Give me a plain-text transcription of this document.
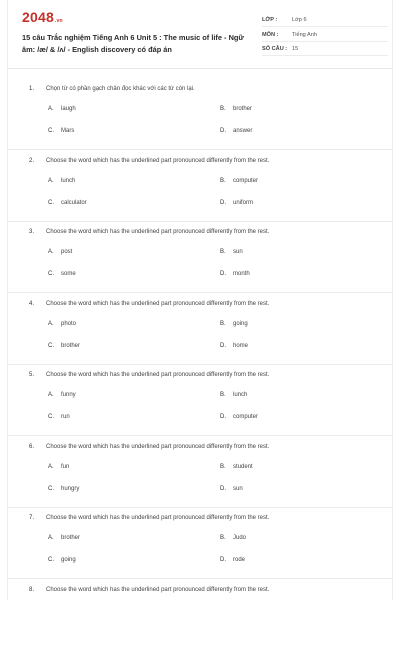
2048.vn
15 câu Trắc nghiệm Tiếng Anh 6 Unit 5 : The music of life - Ngữ âm: /æ/ & /ʌ/ - English discovery có đáp án
LỚP :	Lớp 6
MÔN : Tiếng Anh
SỐ CÂU : 15
1. Chọn từ có phần gạch chân đọc khác với các từ còn lại.
A. laugh	B. brother
C. Mars	D. answer
2. Choose the word which has the underlined part pronounced differently from the rest.
A. lunch	B. computer
C. calculator	D. uniform
3. Choose the word which has the underlined part pronounced differently from the rest.
A. post	B. sun
C. some	D. month
4. Choose the word which has the underlined part pronounced differently from the rest.
A. photo	B. going
C. brother	D. home
5. Choose the word which has the underlined part pronounced differently from the rest.
A. funny	B. lunch
C. run	D. computer
6. Choose the word which has the underlined part pronounced differently from the rest.
A. fun	B. student
C. hungry	D. sun
7. Choose the word which has the underlined part pronounced differently from the rest.
A. brother	B. Judo
C. going	D. rode
8. Choose the word which has the underlined part pronounced differently from the rest.
